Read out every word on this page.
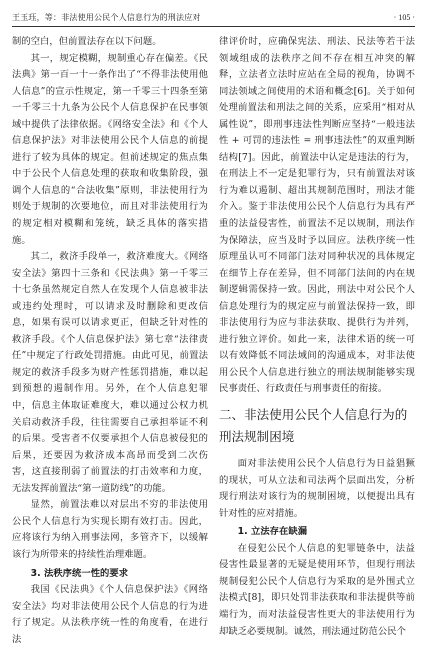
王玉珏，等：非法使用公民个人信息行为的刑法应对	· 105 ·

制的空白，但前置法存在以下问题。

其一，规定模糊，规制重心存在偏差。《民法典》第一百一十一条作出了“不得非法使用他人信息”的宣示性规定，第一千零三十四条至第一千零三十九条为公民个人信息保护在民事领域中提供了法律依据。《网络安全法》和《个人信息保护法》对非法使用公民个人信息的前提进行了较为具体的规定。但前述规定的焦点集中于公民个人信息处理的获取和收集阶段，强调个人信息的“合法收集”原则，非法使用行为则处于规制的次要地位，而且对非法使用行为的规定相对模糊和笼统，缺乏具体的落实措施。

其二，救济手段单一，救济难度大。《网络安全法》第四十三条和《民法典》第一千零三十七条虽然规定自然人在发现个人信息被非法或违约处理时，可以请求及时删除和更改信息，如果有误可以请求更正，但缺乏针对性的救济手段。《个人信息保护法》第七章“法律责任”中规定了行政处罚措施。由此可见，前置法规定的救济手段多为财产性惩罚措施，难以起到预想的遏制作用。另外，在个人信息犯罪中，信息主体取证难度大，难以通过公权力机关启动救济手段，往往需要自己承担举证不利的后果。受害者不仅要承担个人信息被侵犯的后果，还要因为救济成本高昂而受到二次伤害，这直接削弱了前置法的打击效率和力度，无法发挥前置法“第一道防线”的功能。

显然，前置法难以对层出不穷的非法使用公民个人信息行为实现长期有效打击。因此，应将该行为纳入刑事法网，多管齐下，以缓解该行为所带来的持续性治理难题。

3. 法秩序统一性的要求

我国《民法典》《个人信息保护法》《网络安全法》均对非法使用公民个人信息的行为进行了规定。从法秩序统一性的角度看，在进行法

律评价时，应确保宪法、刑法、民法等若干法领域组成的法秩序之间不存在相互冲突的解释，立法者立法时应站在全局的视角，协调不同法领域之间使用的术语和概念[6]。关于如何处理前置法和刑法之间的关系，应采用“相对从属性说”，即刑事违法性判断应坚持“一般违法性 + 可罚的违法性 = 刑事违法性”的双重判断结构[7]。因此，前置法中认定是违法的行为，在刑法上不一定是犯罪行为，只有前置法对该行为难以遏制、超出其规制范围时，刑法才能介入。鉴于非法使用公民个人信息行为具有严重的法益侵害性，前置法不足以规制，刑法作为保障法，应当及时予以回应。法秩序统一性原理虽认可不同部门法对同种状况的具体规定在细节上存在差异，但不同部门法间的内在规制逻辑需保持一致。因此，刑法中对公民个人信息处理行为的规定应与前置法保持一致，即非法使用行为应与非法获取、提供行为并列，进行独立评价。如此一来，法律术语的统一可以有效降低不同法域间的沟通成本，对非法使用公民个人信息进行独立的刑法规制能够实现民事责任、行政责任与刑事责任的衔接。

二、非法使用公民个人信息行为的
刑法规制困境

面对非法使用公民个人信息行为日益猖獗的现状，可从立法和司法两个层面出发，分析现行刑法对该行为的规制困境，以便提出具有针对性的应对措施。

1. 立法存在缺漏

在侵犯公民个人信息的犯罪链条中，法益侵害性最显著的无疑是使用环节，但现行刑法规制侵犯公民个人信息行为采取的是外围式立法模式[8]，即只处罚非法获取和非法提供等前端行为，而对法益侵害性更大的非法使用行为却缺乏必要规制。诚然，刑法通过防范公民个
